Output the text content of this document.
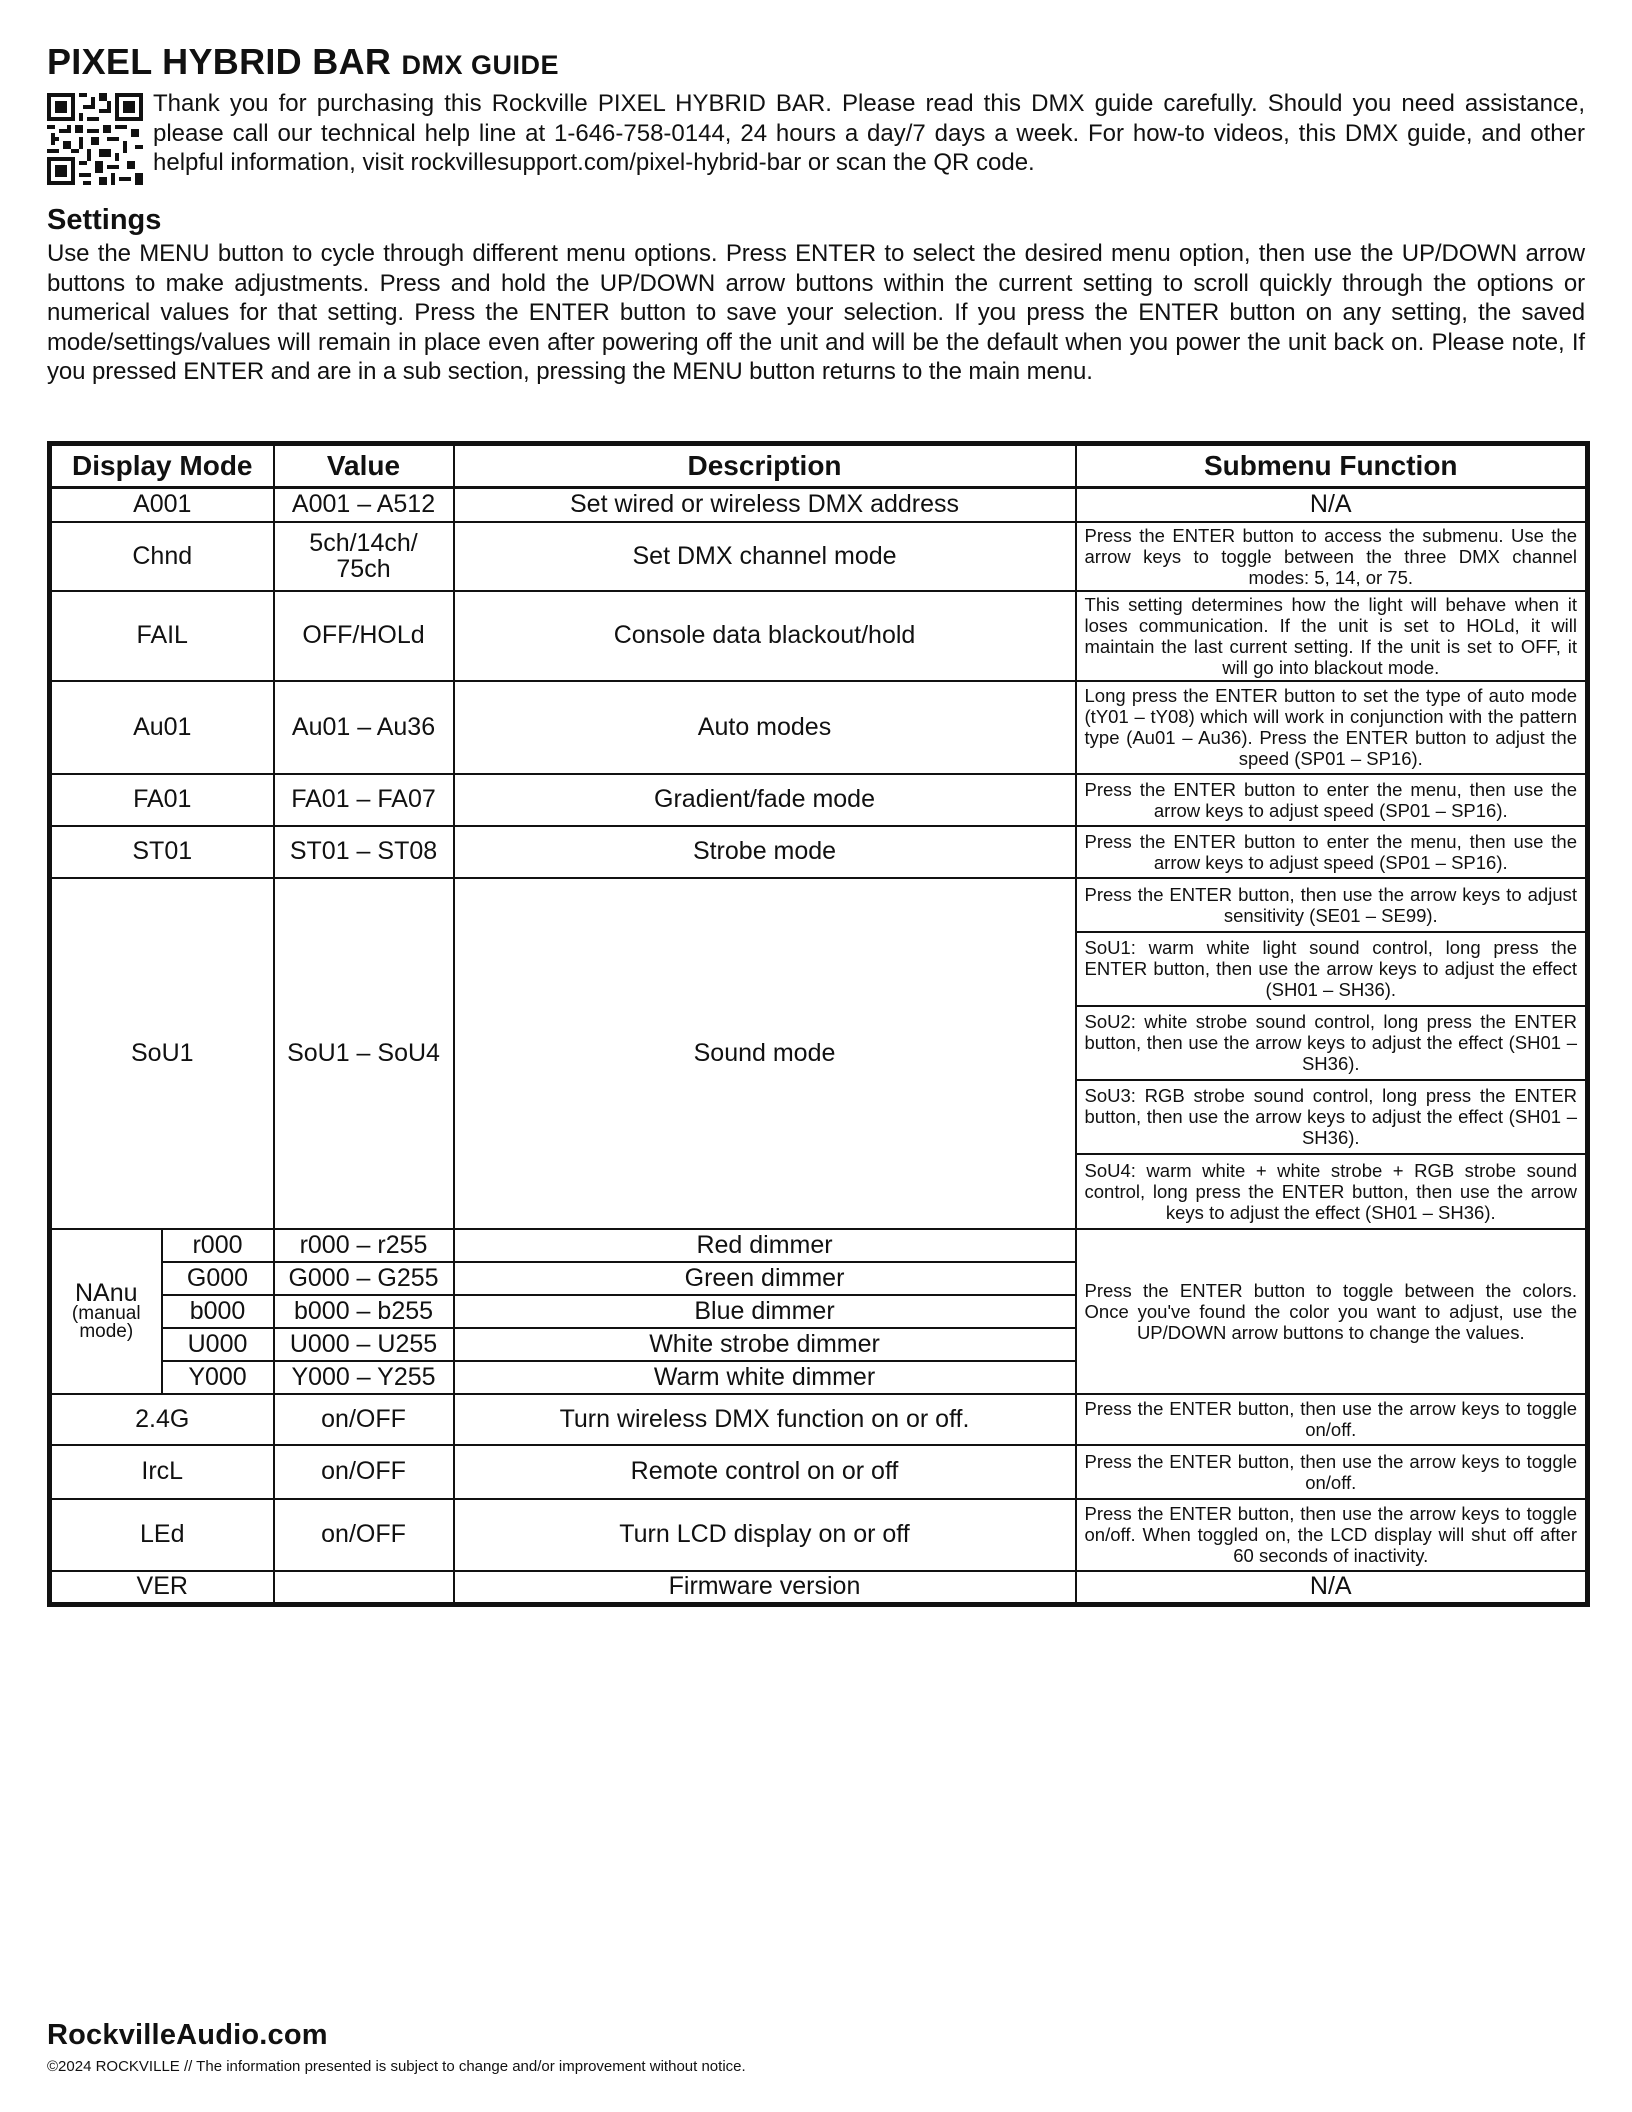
PIXEL HYBRID BAR DMX GUIDE

Thank you for purchasing this Rockville PIXEL HYBRID BAR. Please read this DMX guide carefully. Should you need assistance, please call our technical help line at 1-646-758-0144, 24 hours a day/7 days a week. For how-to videos, this DMX guide, and other helpful information, visit rockvillesupport.com/pixel-hybrid-bar or scan the QR code.

Settings

Use the MENU button to cycle through different menu options. Press ENTER to select the desired menu option, then use the UP/DOWN arrow buttons to make adjustments. Press and hold the UP/DOWN arrow buttons within the current setting to scroll quickly through the options or numerical values for that setting. Press the ENTER button to save your selection. If you press the ENTER button on any setting, the saved mode/settings/values will remain in place even after powering off the unit and will be the default when you power the unit back on. Please note, If you pressed ENTER and are in a sub section, pressing the MENU button returns to the main menu.

Display Mode		Value	Description	Submenu Function
A001		A001 – A512	Set wired or wireless DMX address	N/A
Chnd		5ch/14ch/ 75ch	Set DMX channel mode	Press the ENTER button to access the submenu. Use the arrow keys to toggle between the three DMX channel modes: 5, 14, or 75.
FAIL		OFF/HOLd	Console data blackout/hold	This setting determines how the light will behave when it loses communication. If the unit is set to HOLd, it will maintain the last current setting. If the unit is set to OFF, it will go into blackout mode.
Au01		Au01 – Au36	Auto modes	Long press the ENTER button to set the type of auto mode (tY01 – tY08) which will work in conjunction with the pattern type (Au01 – Au36). Press the ENTER button to adjust the speed (SP01 – SP16).
FA01		FA01 – FA07	Gradient/fade mode	Press the ENTER button to enter the menu, then use the arrow keys to adjust speed (SP01 – SP16).
ST01		ST01 – ST08	Strobe mode	Press the ENTER button to enter the menu, then use the arrow keys to adjust speed (SP01 – SP16).
SoU1		SoU1 – SoU4	Sound mode	Press the ENTER button, then use the arrow keys to adjust sensitivity (SE01 – SE99).
				SoU1: warm white light sound control, long press the ENTER button, then use the arrow keys to adjust the effect (SH01 – SH36).
				SoU2: white strobe sound control, long press the ENTER button, then use the arrow keys to adjust the effect (SH01 – SH36).
				SoU3: RGB strobe sound control, long press the ENTER button, then use the arrow keys to adjust the effect (SH01 – SH36).
				SoU4: warm white + white strobe + RGB strobe sound control, long press the ENTER button, then use the arrow keys to adjust the effect (SH01 – SH36).

NAnu
(manual mode)	r000	r000 – r255	Red dimmer	Press the ENTER button to toggle between the colors. Once you've found the color you want to adjust, use the UP/DOWN arrow buttons to change the values.
	G000	G000 – G255	Green dimmer	
	b000	b000 – b255	Blue dimmer	
	U000	U000 – U255	White strobe dimmer	
	Y000	Y000 – Y255	Warm white dimmer	
2.4G		on/OFF	Turn wireless DMX function on or off.	Press the ENTER button, then use the arrow keys to toggle on/off.
IrcL		on/OFF	Remote control on or off	Press the ENTER button, then use the arrow keys to toggle on/off.
LEd		on/OFF	Turn LCD display on or off	Press the ENTER button, then use the arrow keys to toggle on/off. When toggled on, the LCD display will shut off after 60 seconds of inactivity.
VER			Firmware version	N/A
RockvilleAudio.com
©2024 ROCKVILLE // The information presented is subject to change and/or improvement without notice.
